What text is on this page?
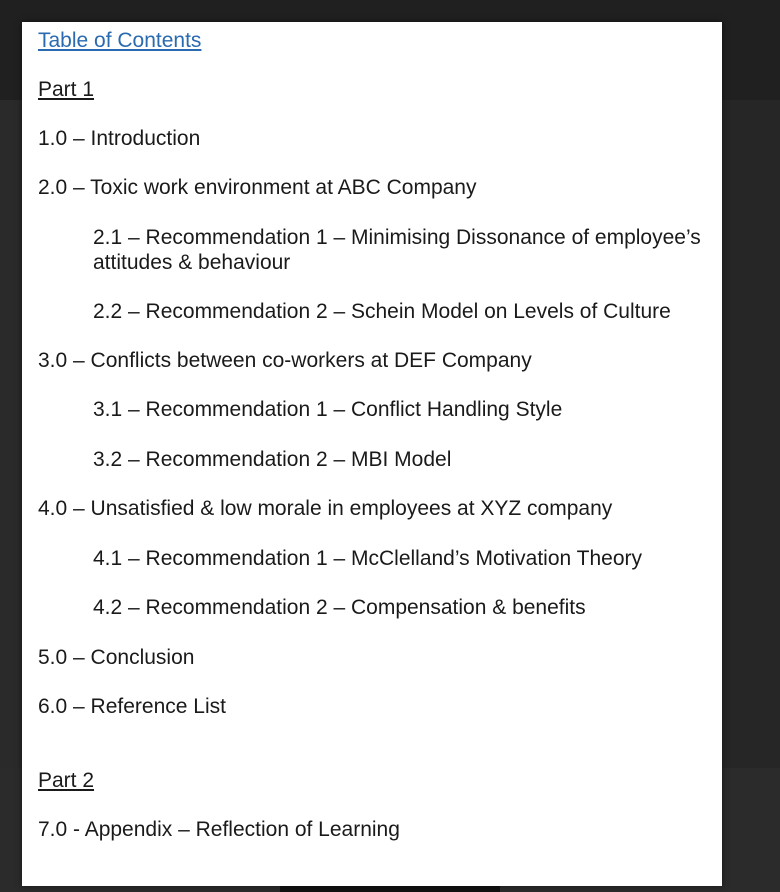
Table of Contents
Part 1
1.0 – Introduction
2.0 – Toxic work environment at ABC Company
2.1 – Recommendation 1 – Minimising Dissonance of employee’s attitudes & behaviour
2.2 – Recommendation 2 – Schein Model on Levels of Culture
3.0 – Conflicts between co-workers at DEF Company
3.1 – Recommendation 1 – Conflict Handling Style
3.2 – Recommendation 2 – MBI Model
4.0 – Unsatisfied & low morale in employees at XYZ company
4.1 – Recommendation 1 – McClelland’s Motivation Theory
4.2 – Recommendation 2 – Compensation & benefits
5.0 – Conclusion
6.0 – Reference List
Part 2
7.0 - Appendix – Reflection of Learning
